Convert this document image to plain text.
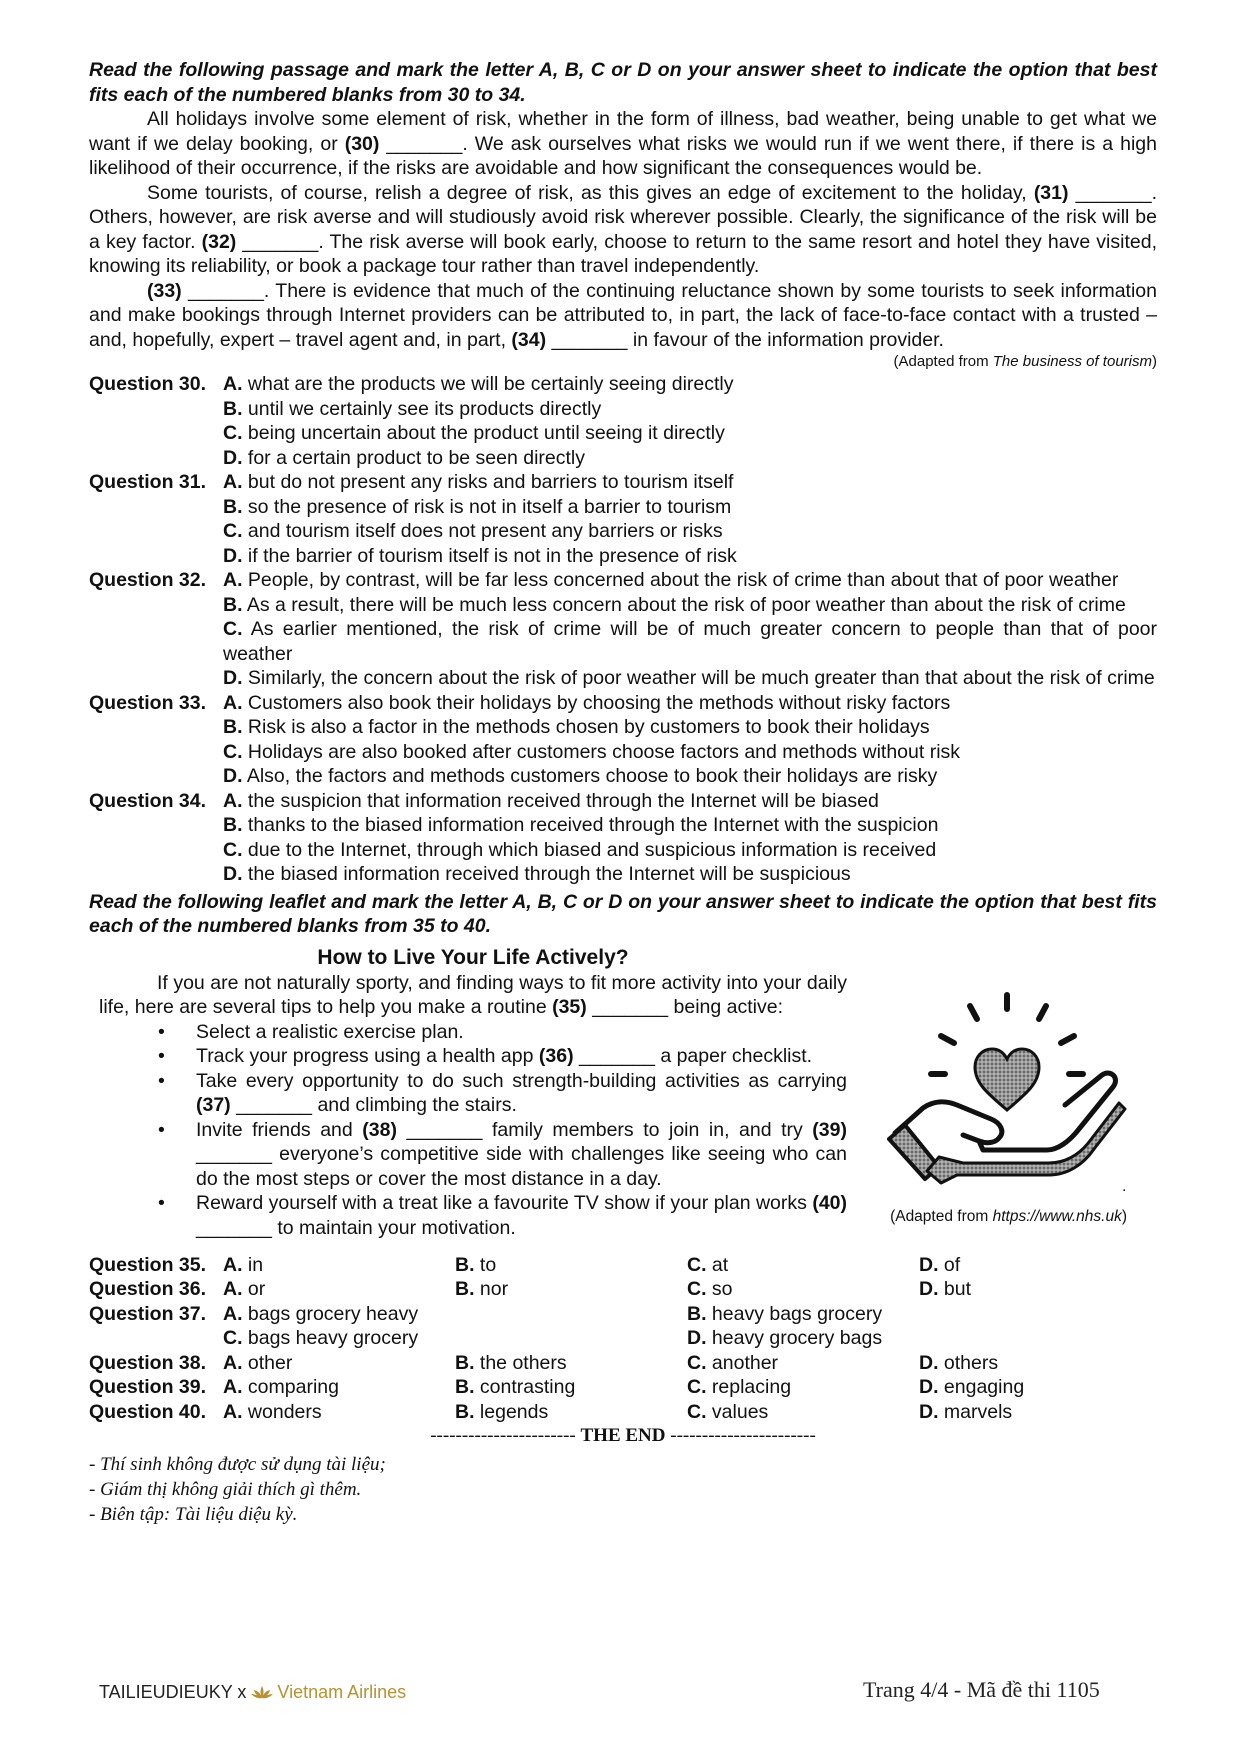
Read the following passage and mark the letter A, B, C or D on your answer sheet to indicate the option that best fits each of the numbered blanks from 30 to 34.
All holidays involve some element of risk, whether in the form of illness, bad weather, being unable to get what we want if we delay booking, or (30) _______. We ask ourselves what risks we would run if we went there, if there is a high likelihood of their occurrence, if the risks are avoidable and how significant the consequences would be.
Some tourists, of course, relish a degree of risk, as this gives an edge of excitement to the holiday, (31) _______. Others, however, are risk averse and will studiously avoid risk wherever possible. Clearly, the significance of the risk will be a key factor. (32) _______. The risk averse will book early, choose to return to the same resort and hotel they have visited, knowing its reliability, or book a package tour rather than travel independently.
(33) _______. There is evidence that much of the continuing reluctance shown by some tourists to seek information and make bookings through Internet providers can be attributed to, in part, the lack of face-to-face contact with a trusted – and, hopefully, expert – travel agent and, in part, (34) _______ in favour of the information provider.
(Adapted from The business of tourism)
Question 30. A. what are the products we will be certainly seeing directly
B. until we certainly see its products directly
C. being uncertain about the product until seeing it directly
D. for a certain product to be seen directly
Question 31. A. but do not present any risks and barriers to tourism itself
B. so the presence of risk is not in itself a barrier to tourism
C. and tourism itself does not present any barriers or risks
D. if the barrier of tourism itself is not in the presence of risk
Question 32. A. People, by contrast, will be far less concerned about the risk of crime than about that of poor weather
B. As a result, there will be much less concern about the risk of poor weather than about the risk of crime
C. As earlier mentioned, the risk of crime will be of much greater concern to people than that of poor weather
D. Similarly, the concern about the risk of poor weather will be much greater than that about the risk of crime
Question 33. A. Customers also book their holidays by choosing the methods without risky factors
B. Risk is also a factor in the methods chosen by customers to book their holidays
C. Holidays are also booked after customers choose factors and methods without risk
D. Also, the factors and methods customers choose to book their holidays are risky
Question 34. A. the suspicion that information received through the Internet will be biased
B. thanks to the biased information received through the Internet with the suspicion
C. due to the Internet, through which biased and suspicious information is received
D. the biased information received through the Internet will be suspicious
Read the following leaflet and mark the letter A, B, C or D on your answer sheet to indicate the option that best fits each of the numbered blanks from 35 to 40.
How to Live Your Life Actively?
If you are not naturally sporty, and finding ways to fit more activity into your daily life, here are several tips to help you make a routine (35) _______ being active:
• Select a realistic exercise plan.
• Track your progress using a health app (36) _______ a paper checklist.
• Take every opportunity to do such strength-building activities as carrying (37) _______ and climbing the stairs.
• Invite friends and (38) _______ family members to join in, and try (39) _______ everyone’s competitive side with challenges like seeing who can do the most steps or cover the most distance in a day.
• Reward yourself with a treat like a favourite TV show if your plan works (40) _______ to maintain your motivation.
.
(Adapted from https://www.nhs.uk)
Question 35. A. in	B. to	C. at	D. of
Question 36. A. or	B. nor	C. so	D. but
Question 37. A. bags grocery heavy	B. heavy bags grocery
C. bags heavy grocery	D. heavy grocery bags
Question 38. A. other	B. the others	C. another	D. others
Question 39. A. comparing	B. contrasting	C. replacing	D. engaging
Question 40. A. wonders	B. legends	C. values	D. marvels
----------------------- THE END -----------------------
- Thí sinh không được sử dụng tài liệu;
- Giám thị không giải thích gì thêm.
- Biên tập: Tài liệu diệu kỳ.
TAILIEUDIEUKY x Vietnam Airlines	Trang 4/4 - Mã đề thi 1105
